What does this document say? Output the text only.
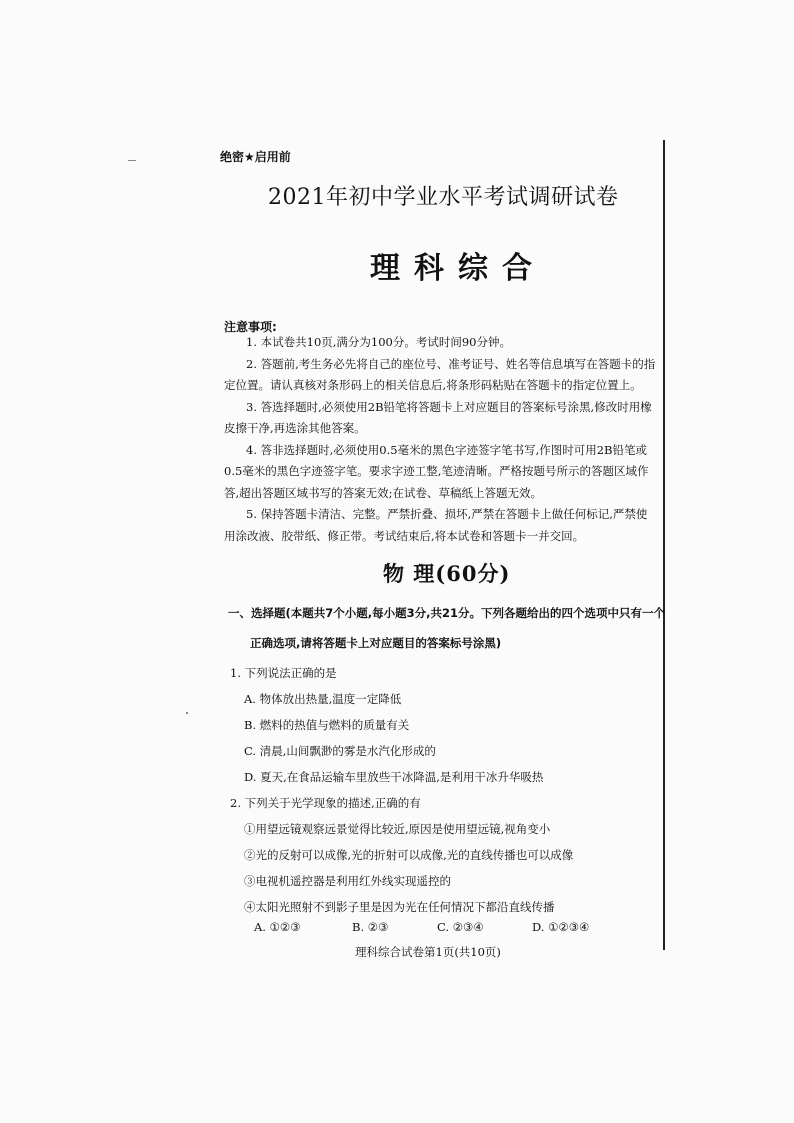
绝密★启用前
2021年初中学业水平考试调研试卷
理科综合
注意事项:

1. 本试卷共10页,满分为100分。考试时间90分钟。

2. 答题前,考生务必先将自己的座位号、准考证号、姓名等信息填写在答题卡的指定位置。请认真核对条形码上的相关信息后,将条形码粘贴在答题卡的指定位置上。

3. 答选择题时,必须使用2B铅笔将答题卡上对应题目的答案标号涂黑,修改时用橡皮擦干净,再选涂其他答案。

4. 答非选择题时,必须使用0.5毫米的黑色字迹签字笔书写,作图时可用2B铅笔或0.5毫米的黑色字迹签字笔。要求字迹工整,笔迹清晰。严格按题号所示的答题区域作答,超出答题区域书写的答案无效;在试卷、草稿纸上答题无效。

5. 保持答题卡清洁、完整。严禁折叠、损坏,严禁在答题卡上做任何标记,严禁使用涂改液、胶带纸、修正带。考试结束后,将本试卷和答题卡一并交回。

物 理(60分)
一、选择题(本题共7个小题,每小题3分,共21分。下列各题给出的四个选项中只有一个
正确选项,请将答题卡上对应题目的答案标号涂黑)

1. 下列说法正确的是

A. 物体放出热量,温度一定降低

B. 燃料的热值与燃料的质量有关

C. 清晨,山间飘渺的雾是水汽化形成的

D. 夏天,在食品运输车里放些干冰降温,是利用干冰升华吸热

2. 下列关于光学现象的描述,正确的有

①用望远镜观察远景觉得比较近,原因是使用望远镜,视角变小

②光的反射可以成像,光的折射可以成像,光的直线传播也可以成像

③电视机遥控器是利用红外线实现遥控的

④太阳光照射不到影子里是因为光在任何情况下都沿直线传播

A. ①②③	B. ②③	C. ②③④	D. ①②③④
理科综合试卷第1页(共10页)
